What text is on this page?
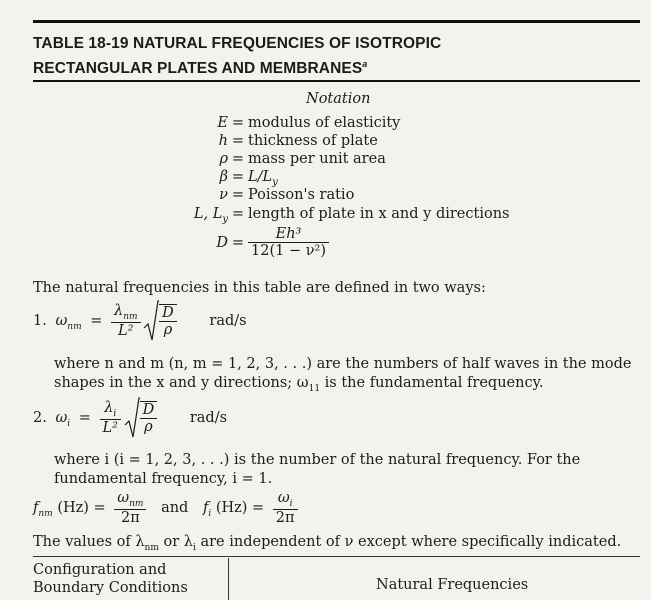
TABLE 18-19 NATURAL FREQUENCIES OF ISOTROPIC
RECTANGULAR PLATES AND MEMBRANES$^a$
Notation
E = modulus of elasticity
h = thickness of plate
ρ = mass per unit area
$\beta = L/L_y$
ν = Poisson's ratio
L, $L_y$ = length of plate in x and y directions
$D = \frac{\text{Eh³}}{\text{12(1 − ν²)}}$
The natural frequencies in this table are defined in two ways:
1. $\omega_{nm} = \frac{\lambda_{nm}}{\text{L²}}$
$\frac{D}{\rho} rad/s$
where n and m (n, m = 1, 2, 3, . . .) are the numbers of half waves in the mode
shapes in the x and y directions; $\omega_{11}$ is the fundamental frequency.
2. $\omega_i = \frac{\lambda_i}{\text{L²}}$
$\frac{D}{\rho} rad/s$
where i (i = 1, 2, 3, . . .) is the number of the natural frequency. For the
fundamental frequency, i = 1.
$f_{nm}$ $(Hz) = \frac{\omega_{nm}}{2\pi}$ and $f_i$ $(Hz) = \frac{\omega_i}{2\pi}$
The values of $\lambda_{nm}$ or $\lambda_i$ are independent of ν except where specifically indicated.
Configuration and
Boundary Conditions	Natural Frequencies
